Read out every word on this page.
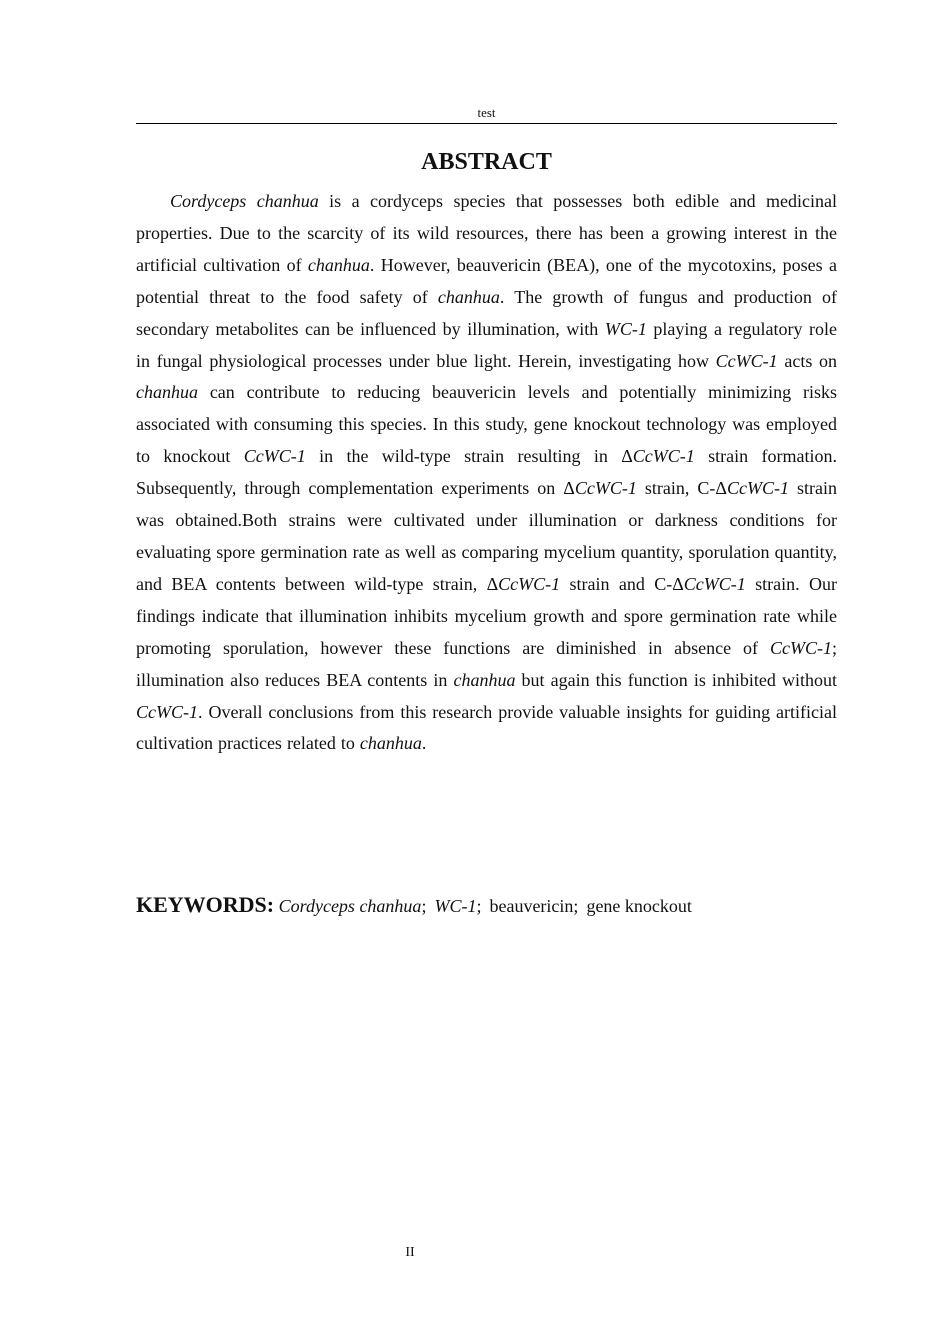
test
ABSTRACT

Cordyceps chanhua is a cordyceps species that possesses both edible and medicinal properties. Due to the scarcity of its wild resources, there has been a growing interest in the artificial cultivation of chanhua. However, beauvericin (BEA), one of the mycotoxins, poses a potential threat to the food safety of chanhua. The growth of fungus and production of secondary metabolites can be influenced by illumination, with WC-1 playing a regulatory role in fungal physiological processes under blue light. Herein, investigating how CcWC-1 acts on chanhua can contribute to reducing beauvericin levels and potentially minimizing risks associated with consuming this species. In this study, gene knockout technology was employed to knockout CcWC-1 in the wild-type strain resulting in ΔCcWC-1 strain formation. Subsequently, through complementation experiments on ΔCcWC-1 strain, C-ΔCcWC-1 strain was obtained.Both strains were cultivated under illumination or darkness conditions for evaluating spore germination rate as well as comparing mycelium quantity, sporulation quantity, and BEA contents between wild-type strain, ΔCcWC-1 strain and C-ΔCcWC-1 strain. Our findings indicate that illumination inhibits mycelium growth and spore germination rate while promoting sporulation, however these functions are diminished in absence of CcWC-1; illumination also reduces BEA contents in chanhua but again this function is inhibited without CcWC-1. Overall conclusions from this research provide valuable insights for guiding artificial cultivation practices related to chanhua.

KEYWORDS: Cordyceps chanhua; WC-1; beauvericin; gene knockout
II
